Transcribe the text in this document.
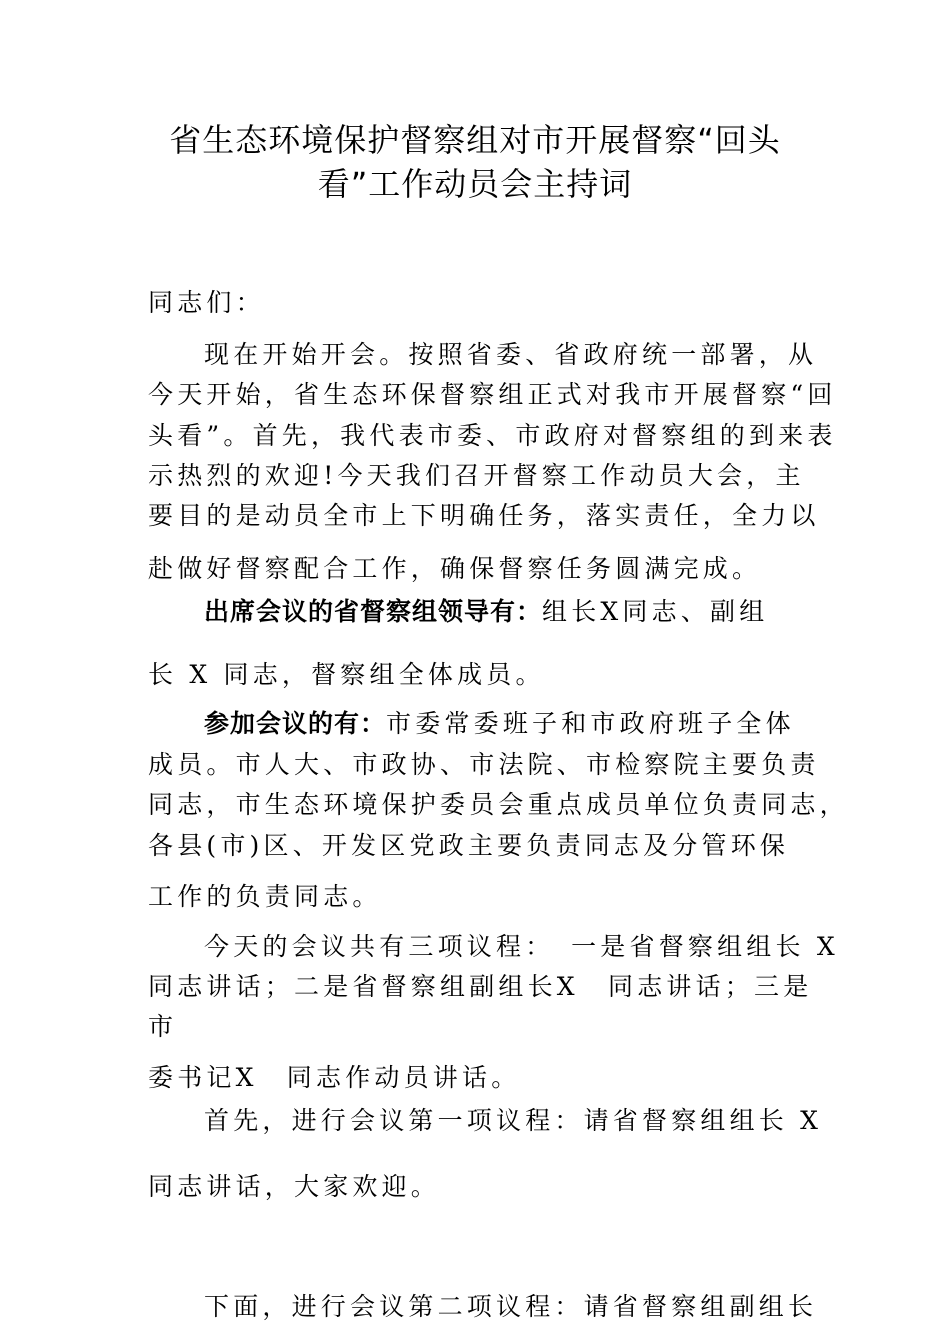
省生态环境保护督察组对市开展督察“回头
看”工作动员会主持词
同志们：
现在开始开会。按照省委、省政府统一部署，从
今天开始，省生态环保督察组正式对我市开展督察“回
头看”。首先，我代表市委、市政府对督察组的到来表
示热烈的欢迎!今天我们召开督察工作动员大会，主
要目的是动员全市上下明确任务，落实责任，全力以
赴做好督察配合工作，确保督察任务圆满完成。
出席会议的省督察组领导有：组长X同志、副组
长 X 同志，督察组全体成员。
参加会议的有：市委常委班子和市政府班子全体
成员。市人大、市政协、市法院、市检察院主要负责
同志，市生态环境保护委员会重点成员单位负责同志，
各县(市)区、开发区党政主要负责同志及分管环保
工作的负责同志。
今天的会议共有三项议程：　一是省督察组组长 X
同志讲话；二是省督察组副组长X　同志讲话；三是
市
委书记X　同志作动员讲话。
首先，进行会议第一项议程：请省督察组组长 X
同志讲话，大家欢迎。
下面，进行会议第二项议程：请省督察组副组长
